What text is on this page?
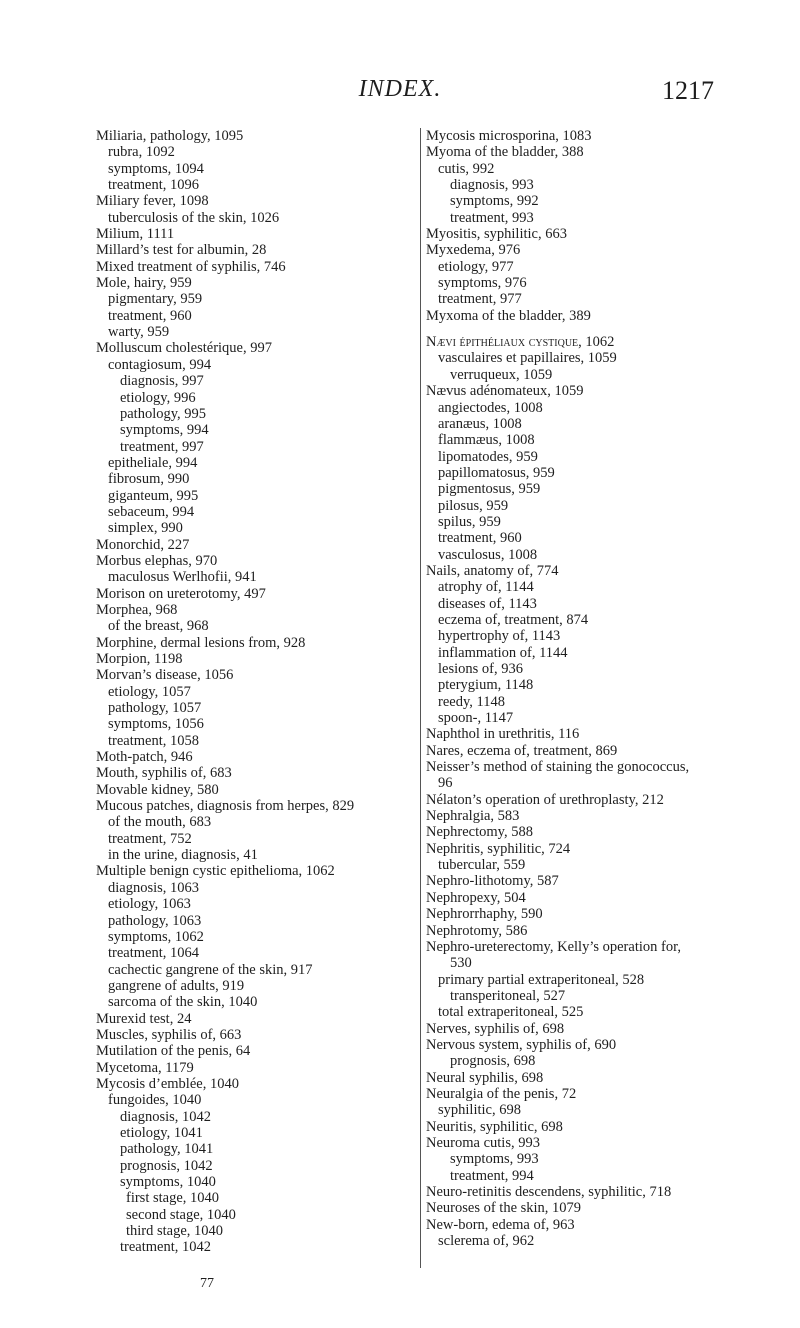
INDEX.	1217
Miliaria, pathology, 1095
rubra, 1092
symptoms, 1094
treatment, 1096
Miliary fever, 1098
tuberculosis of the skin, 1026
Milium, 1111
Millard’s test for albumin, 28
Mixed treatment of syphilis, 746
Mole, hairy, 959
pigmentary, 959
treatment, 960
warty, 959
Molluscum cholestérique, 997
contagiosum, 994
diagnosis, 997
etiology, 996
pathology, 995
symptoms, 994
treatment, 997
epitheliale, 994
fibrosum, 990
giganteum, 995
sebaceum, 994
simplex, 990
Monorchid, 227
Morbus elephas, 970
maculosus Werlhofii, 941
Morison on ureterotomy, 497
Morphea, 968
of the breast, 968
Morphine, dermal lesions from, 928
Morpion, 1198
Morvan’s disease, 1056
etiology, 1057
pathology, 1057
symptoms, 1056
treatment, 1058
Moth-patch, 946
Mouth, syphilis of, 683
Movable kidney, 580
Mucous patches, diagnosis from herpes, 829
of the mouth, 683
treatment, 752
in the urine, diagnosis, 41
Multiple benign cystic epithelioma, 1062
diagnosis, 1063
etiology, 1063
pathology, 1063
symptoms, 1062
treatment, 1064
cachectic gangrene of the skin, 917
gangrene of adults, 919
sarcoma of the skin, 1040
Murexid test, 24
Muscles, syphilis of, 663
Mutilation of the penis, 64
Mycetoma, 1179
Mycosis d’emblée, 1040
fungoides, 1040
diagnosis, 1042
etiology, 1041
pathology, 1041
prognosis, 1042
symptoms, 1040
first stage, 1040
second stage, 1040
third stage, 1040
treatment, 1042
Mycosis microsporina, 1083
Myoma of the bladder, 388
cutis, 992
diagnosis, 993
symptoms, 992
treatment, 993
Myositis, syphilitic, 663
Myxedema, 976
etiology, 977
symptoms, 976
treatment, 977
Myxoma of the bladder, 389
Nævi épithéliaux cystique, 1062
vasculaires et papillaires, 1059
verruqueux, 1059
Nævus adénomateux, 1059
angiectodes, 1008
aranæus, 1008
flammæus, 1008
lipomatodes, 959
papillomatosus, 959
pigmentosus, 959
pilosus, 959
spilus, 959
treatment, 960
vasculosus, 1008
Nails, anatomy of, 774
atrophy of, 1144
diseases of, 1143
eczema of, treatment, 874
hypertrophy of, 1143
inflammation of, 1144
lesions of, 936
pterygium, 1148
reedy, 1148
spoon-, 1147
Naphthol in urethritis, 116
Nares, eczema of, treatment, 869
Neisser’s method of staining the gonococcus,
96
Nélaton’s operation of urethroplasty, 212
Nephralgia, 583
Nephrectomy, 588
Nephritis, syphilitic, 724
tubercular, 559
Nephro-lithotomy, 587
Nephropexy, 504
Nephrorrhaphy, 590
Nephrotomy, 586
Nephro-ureterectomy, Kelly’s operation for,
530
primary partial extraperitoneal, 528
transperitoneal, 527
total extraperitoneal, 525
Nerves, syphilis of, 698
Nervous system, syphilis of, 690
prognosis, 698
Neural syphilis, 698
Neuralgia of the penis, 72
syphilitic, 698
Neuritis, syphilitic, 698
Neuroma cutis, 993
symptoms, 993
treatment, 994
Neuro-retinitis descendens, syphilitic, 718
Neuroses of the skin, 1079
New-born, edema of, 963
sclerema of, 962
77
